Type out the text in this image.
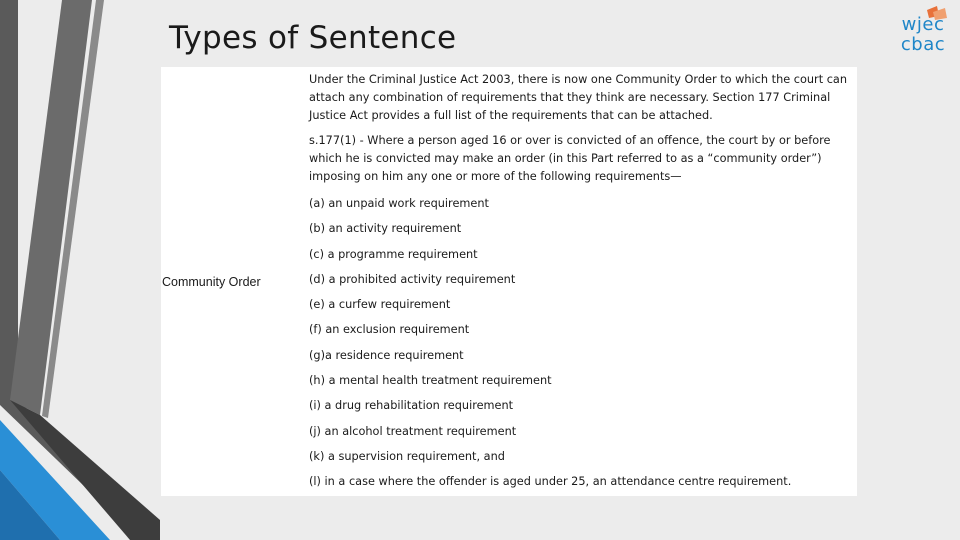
Types of Sentence	wjec
cbac
Community Order

Under the Criminal Justice Act 2003, there is now one Community Order to which the court can attach any combination of requirements that they think are necessary. Section 177 Criminal Justice Act provides a full list of the requirements that can be attached.

s.177(1) - Where a person aged 16 or over is convicted of an offence, the court by or before which he is convicted may make an order (in this Part referred to as a “community order”) imposing on him any one or more of the following requirements—

(a) an unpaid work requirement

(b) an activity requirement

(c) a programme requirement

(d) a prohibited activity requirement

(e) a curfew requirement

(f) an exclusion requirement

(g)a residence requirement

(h) a mental health treatment requirement

(i) a drug rehabilitation requirement

(j) an alcohol treatment requirement

(k) a supervision requirement, and

(l) in a case where the offender is aged under 25, an attendance centre requirement.
